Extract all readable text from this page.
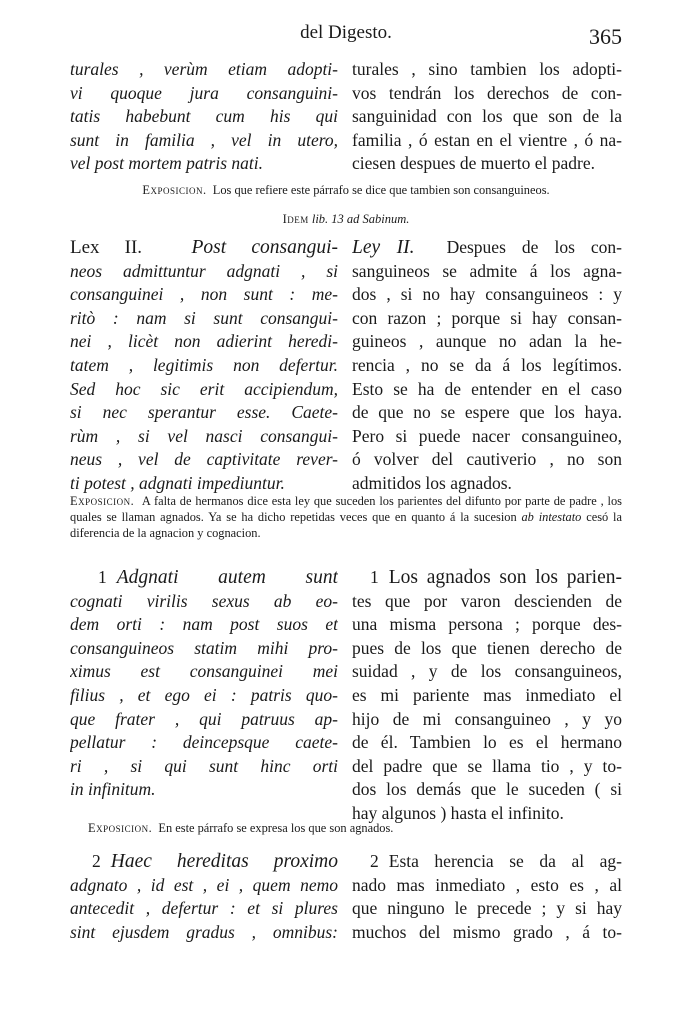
del Digesto.	365
turales , verùm etiam adopti-
vi quoque jura consanguini-
tatis habebunt cum his qui
sunt in familia , vel in utero,
vel post mortem patris nati.
turales , sino tambien los adopti-
vos tendrán los derechos de con-
sanguinidad con los que son de la
familia , ó estan en el vientre , ó na-
ciesen despues de muerto el padre.
Exposicion. Los que refiere este párrafo se dice que tambien son consanguineos.
Idem lib. 13 ad Sabinum.
Lex II.	Post consangui-
neos admittuntur adgnati , si
consanguinei , non sunt : me-
ritò : nam si sunt consangui-
nei , licèt non adierint heredi-
tatem , legitimis non defertur.
Sed hoc sic erit accipiendum,
si nec sperantur esse. Caete-
rùm , si vel nasci consangui-
neus , vel de captivitate rever-
ti potest , adgnati impediuntur.
Ley II. Despues de los con-
sanguineos se admite á los agna-
dos , si no hay consanguineos : y
con razon ; porque si hay consan-
guineos , aunque no adan la he-
rencia , no se da á los legítimos.
Esto se ha de entender en el caso
de que no se espere que los haya.
Pero si puede nacer consanguineo,
ó volver del cautiverio , no son
admitidos los agnados.
Exposicion. A falta de hermanos dice esta ley que suceden los parientes del difunto por parte de padre , los quales se llaman agnados. Ya se ha dicho repetidas veces que en quanto á la sucesion ab intestato cesó la diferencia de la agnacion y cognacion.
1 Adgnati autem sunt
cognati virilis sexus ab eo-
dem orti : nam post suos et
consanguineos statim mihi pro-
ximus est consanguinei mei
filius , et ego ei : patris quo-
que frater , qui patruus ap-
pellatur : deincepsque caete-
ri , si qui sunt hinc orti
in infinitum.
1 Los agnados son los parien-
tes que por varon descienden de
una misma persona ; porque des-
pues de los que tienen derecho de
suidad , y de los consanguineos,
es mi pariente mas inmediato el
hijo de mi consanguineo , y yo
de él. Tambien lo es el hermano
del padre que se llama tio , y to-
dos los demás que le suceden ( si
hay algunos ) hasta el infinito.
Exposicion. En este párrafo se expresa los que son agnados.
2 Haec hereditas proximo
adgnato , id est , ei , quem nemo
antecedit , defertur : et si plures
sint ejusdem gradus , omnibus:
2 Esta herencia se da al ag-
nado mas inmediato , esto es , al
que ninguno le precede ; y si hay
muchos del mismo grado , á to-
